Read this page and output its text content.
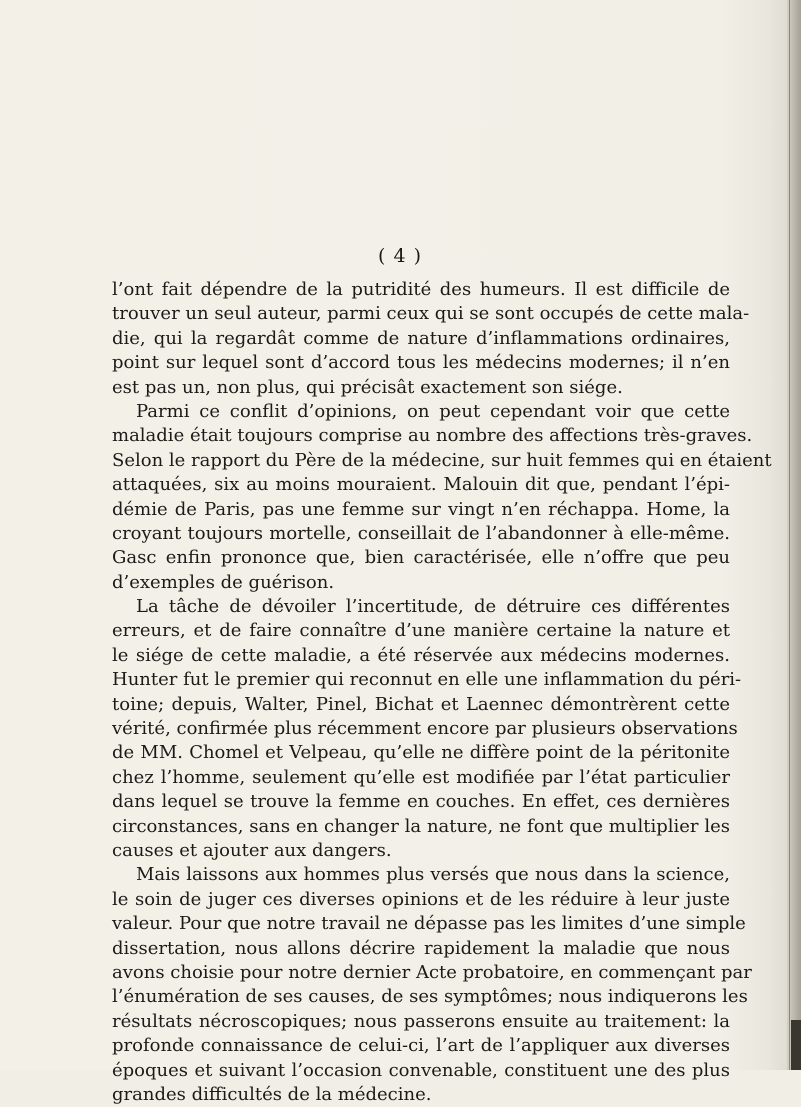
( 4 )
l’ont fait dépendre de la putridité des humeurs. Il est difficile de
trouver un seul auteur, parmi ceux qui se sont occupés de cette mala-
die, qui la regardât comme de nature d’inflammations ordinaires,
point sur lequel sont d’accord tous les médecins modernes; il n’en
est pas un, non plus, qui précisât exactement son siége.
Parmi ce conflit d’opinions, on peut cependant voir que cette
maladie était toujours comprise au nombre des affections très-graves.
Selon le rapport du Père de la médecine, sur huit femmes qui en étaient
attaquées, six au moins mouraient. Malouin dit que, pendant l’épi-
démie de Paris, pas une femme sur vingt n’en réchappa. Home, la
croyant toujours mortelle, conseillait de l’abandonner à elle-même.
Gasc enfin prononce que, bien caractérisée, elle n’offre que peu
d’exemples de guérison.
La tâche de dévoiler l’incertitude, de détruire ces différentes
erreurs, et de faire connaître d’une manière certaine la nature et
le siége de cette maladie, a été réservée aux médecins modernes.
Hunter fut le premier qui reconnut en elle une inflammation du péri-
toine; depuis, Walter, Pinel, Bichat et Laennec démontrèrent cette
vérité, confirmée plus récemment encore par plusieurs observations
de MM. Chomel et Velpeau, qu’elle ne diffère point de la péritonite
chez l’homme, seulement qu’elle est modifiée par l’état particulier
dans lequel se trouve la femme en couches. En effet, ces dernières
circonstances, sans en changer la nature, ne font que multiplier les
causes et ajouter aux dangers.
Mais laissons aux hommes plus versés que nous dans la science,
le soin de juger ces diverses opinions et de les réduire à leur juste
valeur. Pour que notre travail ne dépasse pas les limites d’une simple
dissertation, nous allons décrire rapidement la maladie que nous
avons choisie pour notre dernier Acte probatoire, en commençant par
l’énumération de ses causes, de ses symptômes; nous indiquerons les
résultats nécroscopiques; nous passerons ensuite au traitement: la
profonde connaissance de celui-ci, l’art de l’appliquer aux diverses
époques et suivant l’occasion convenable, constituent une des plus
grandes difficultés de la médecine.
